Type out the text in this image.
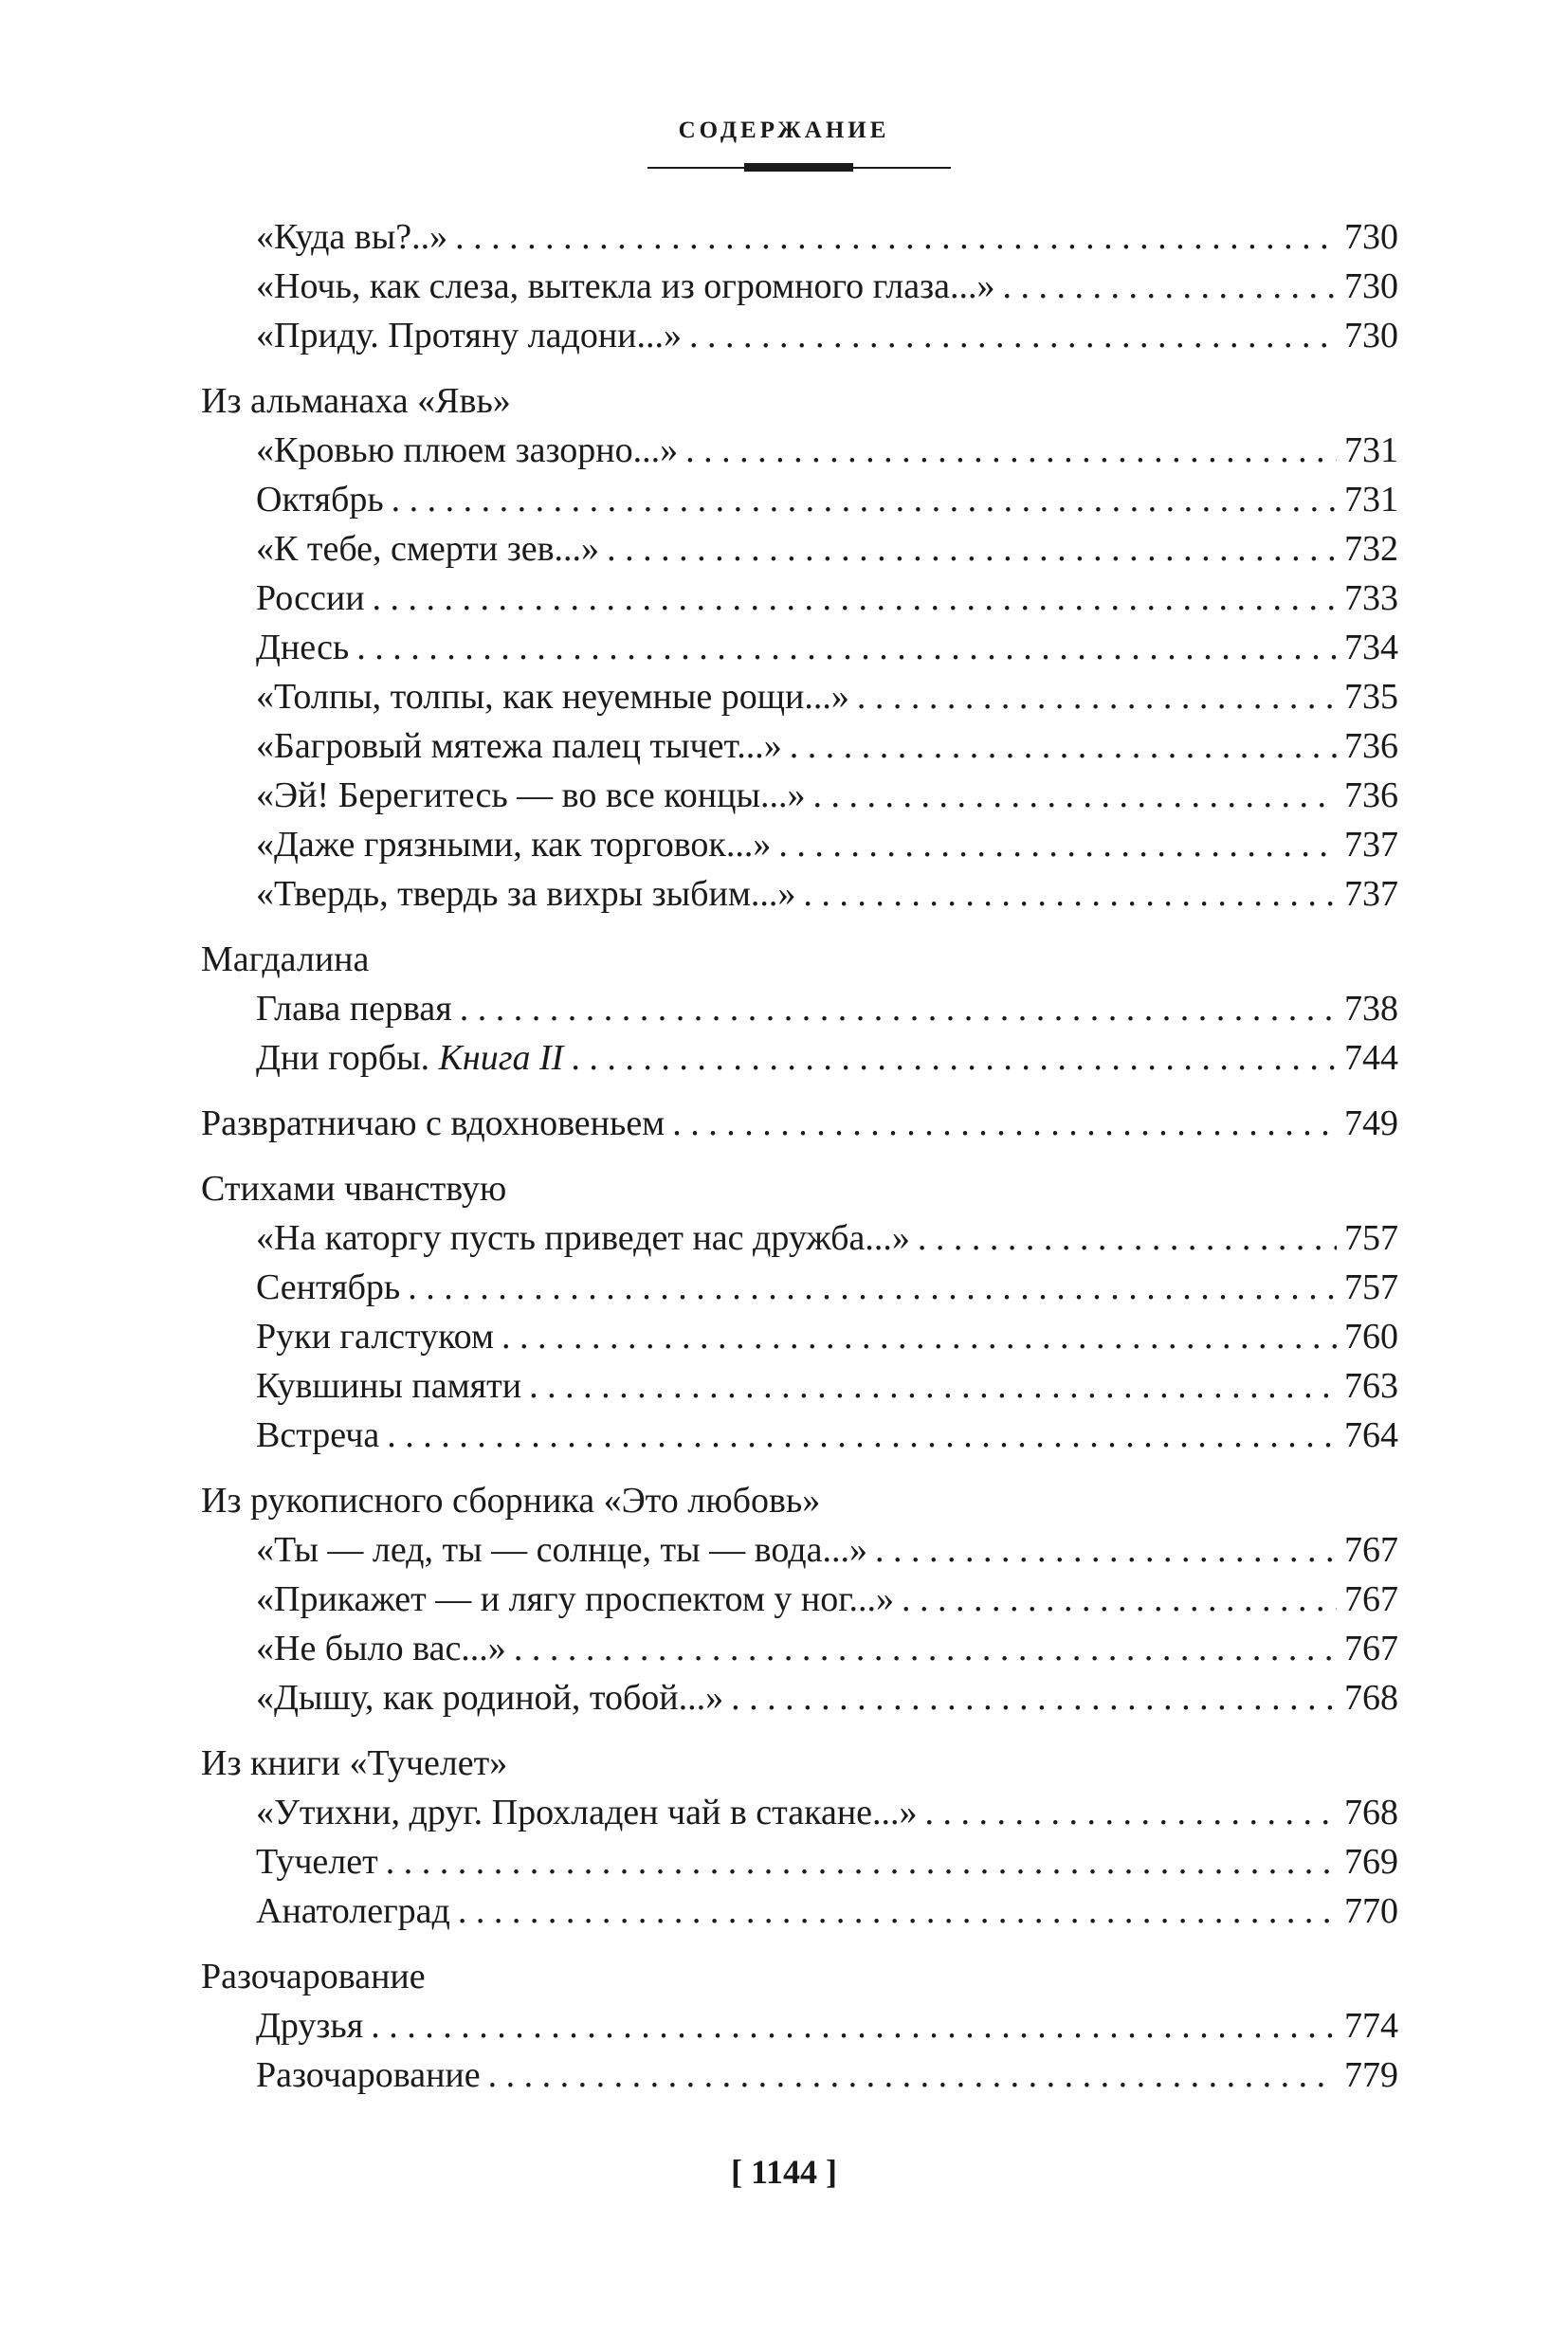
СОДЕРЖАНИЕ
«Куда вы?..» . . .	730
«Ночь, как слеза, вытекла из огромного глаза...» . . .	730
«Приду. Протяну ладони...» . . .	730
Из альманаха «Явь»
«Кровью плюем зазорно...» . . .	731
Октябрь . . .	731
«К тебе, смерти зев...» . . .	732
России . . .	733
Днесь . . .	734
«Толпы, толпы, как неуемные рощи...» . . .	735
«Багровый мятежа палец тычет...» . . .	736
«Эй! Берегитесь — во все концы...» . . .	736
«Даже грязными, как торговок...» . . .	737
«Твердь, твердь за вихры зыбим...» . . .	737
Магдалина
Глава первая . . .	738
Дни горбы. Книга II . . .	744
Развратничаю с вдохновеньем . . .	749
Стихами чванствую
«На каторгу пусть приведет нас дружба...» . . .	757
Сентябрь . . .	757
Руки галстуком . . .	760
Кувшины памяти . . .	763
Встреча . . .	764
Из рукописного сборника «Это любовь»
«Ты — лед, ты — солнце, ты — вода...» . . .	767
«Прикажет — и лягу проспектом у ног...» . . .	767
«Не было вас...» . . .	767
«Дышу, как родиной, тобой...» . . .	768
Из книги «Тучелет»
«Утихни, друг. Прохладен чай в стакане...» . . .	768
Тучелет . . .	769
Анатолеград . . .	770
Разочарование
Друзья . . .	774
Разочарование . . .	779
[ 1144 ]
